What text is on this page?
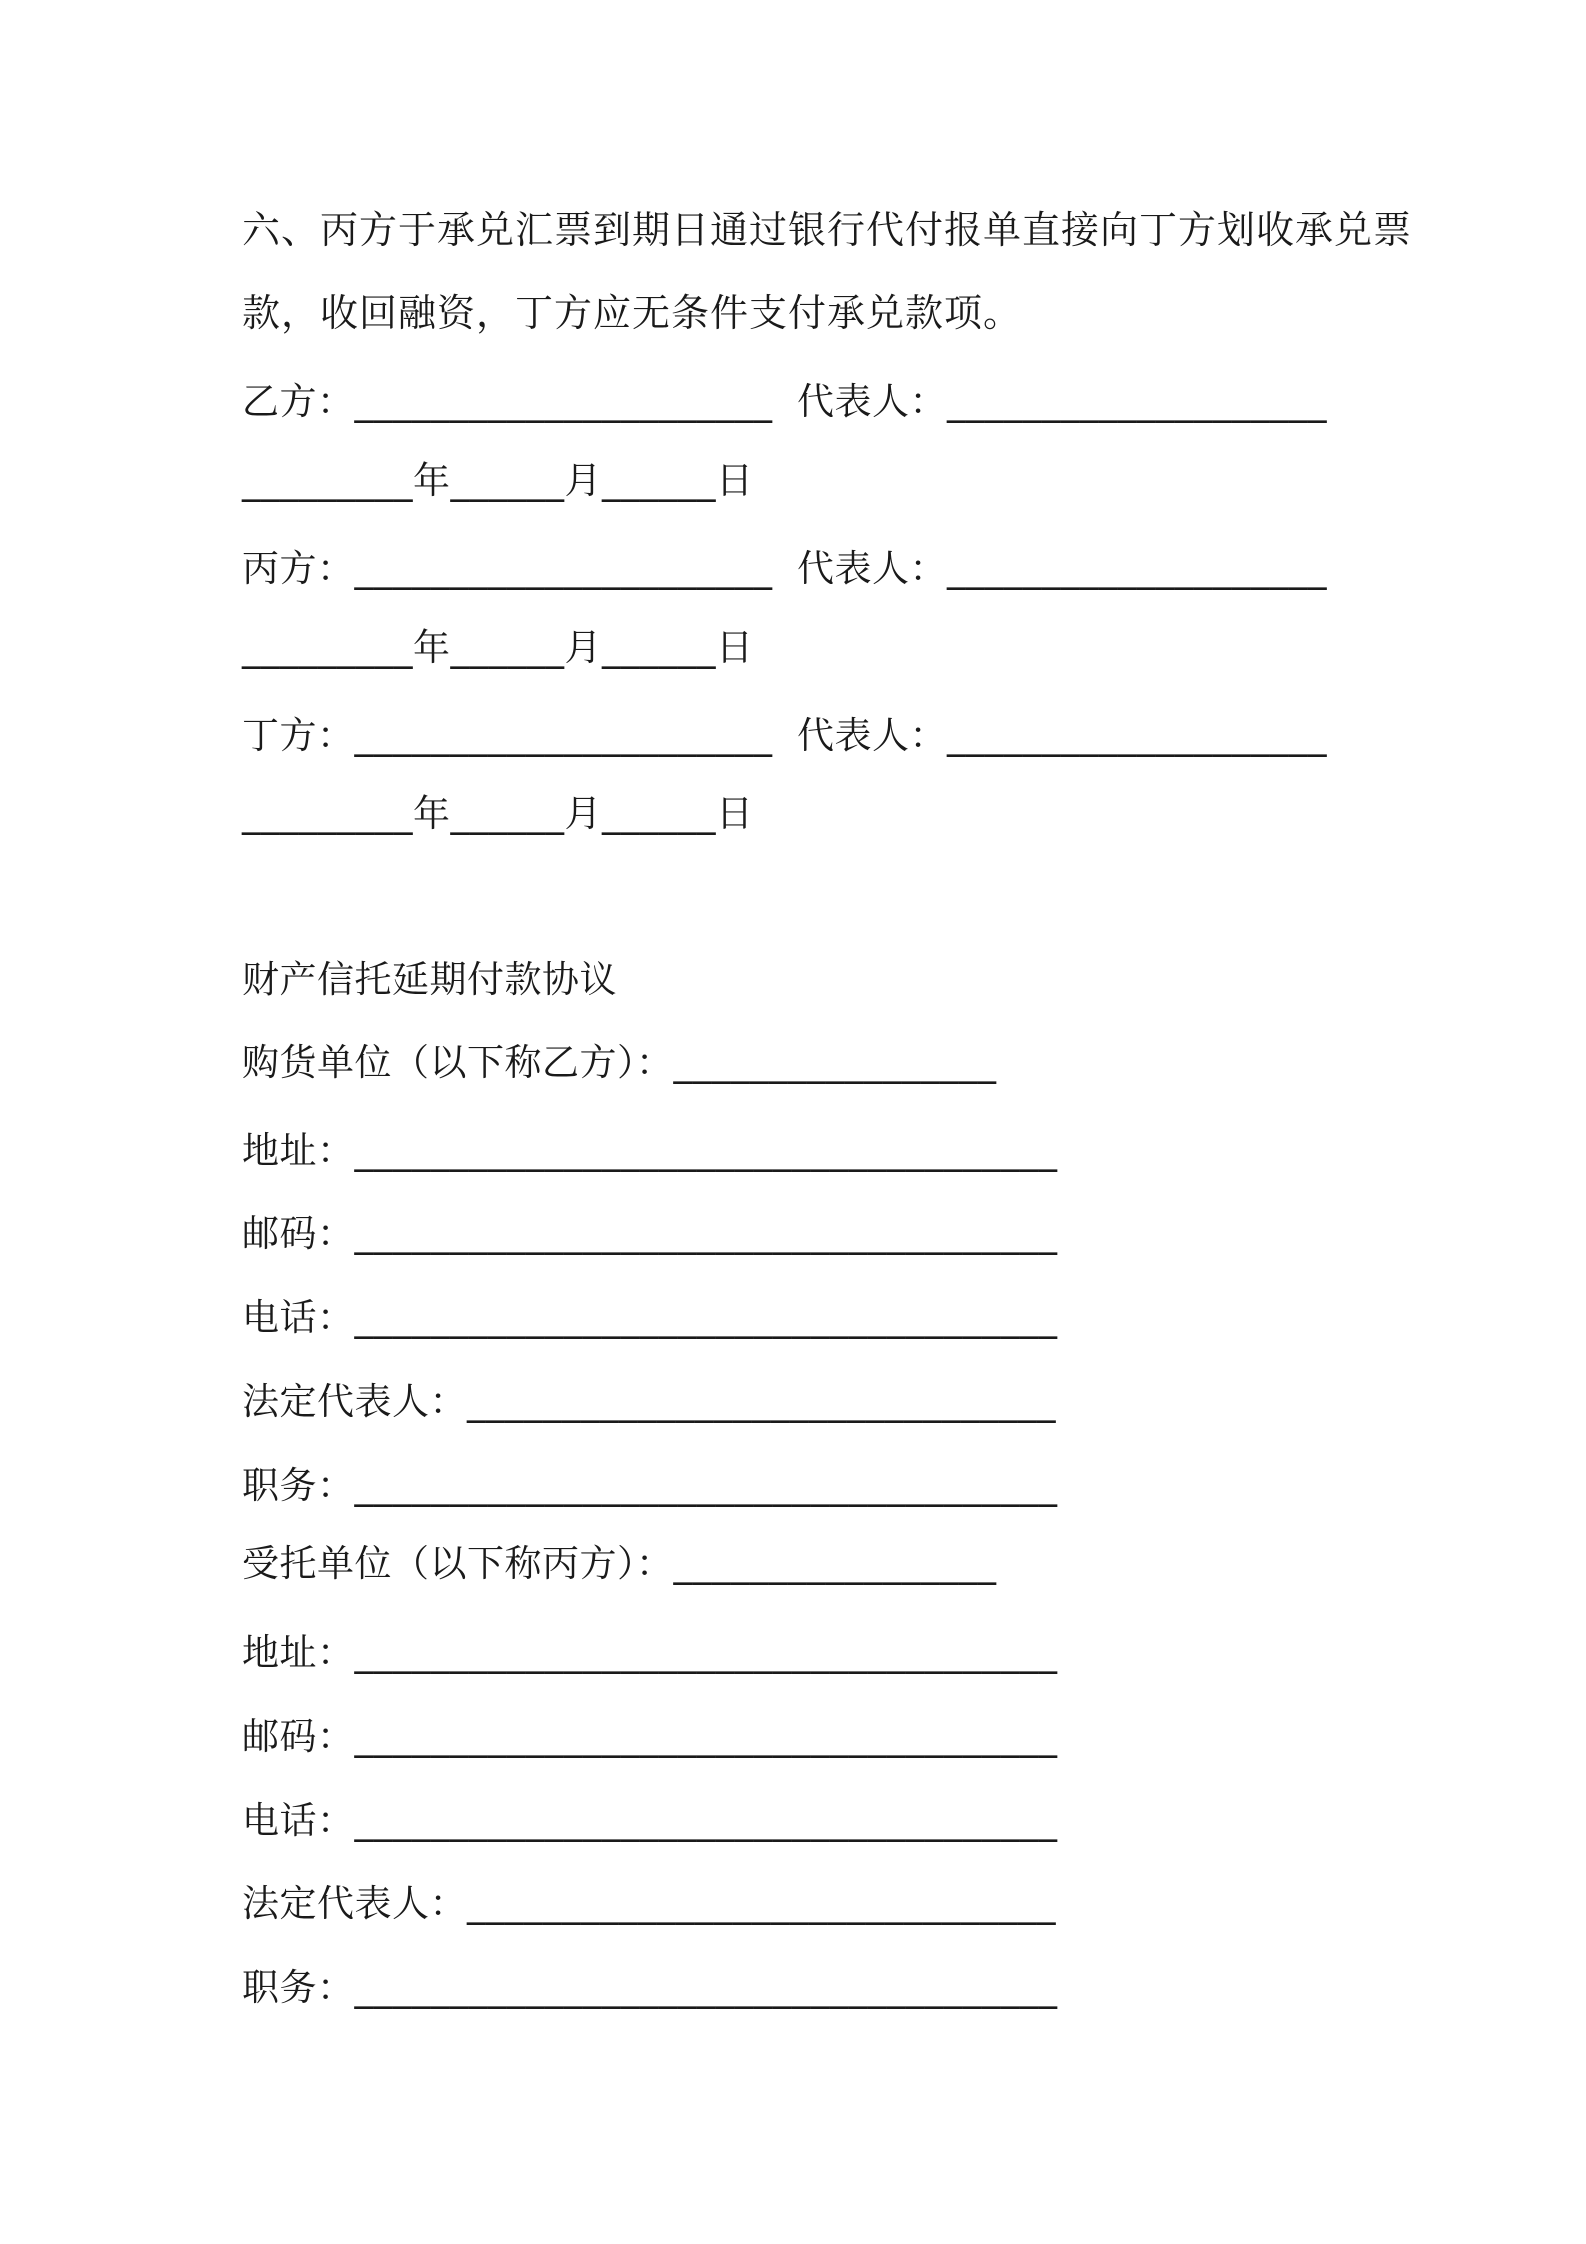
六、丙方于承兑汇票到期日通过银行代付报单直接向丁方划收承兑票
款，收回融资，丁方应无条件支付承兑款项。
乙方：______________________  代表人：____________________
_________年______月______日
丙方：______________________  代表人：____________________
_________年______月______日
丁方：______________________  代表人：____________________
_________年______月______日
财产信托延期付款协议
购货单位（以下称乙方）：_________________
地址：_____________________________________
邮码：_____________________________________
电话：_____________________________________
法定代表人：_______________________________
职务：_____________________________________
受托单位（以下称丙方）：_________________
地址：_____________________________________
邮码：_____________________________________
电话：_____________________________________
法定代表人：_______________________________
职务：_____________________________________
